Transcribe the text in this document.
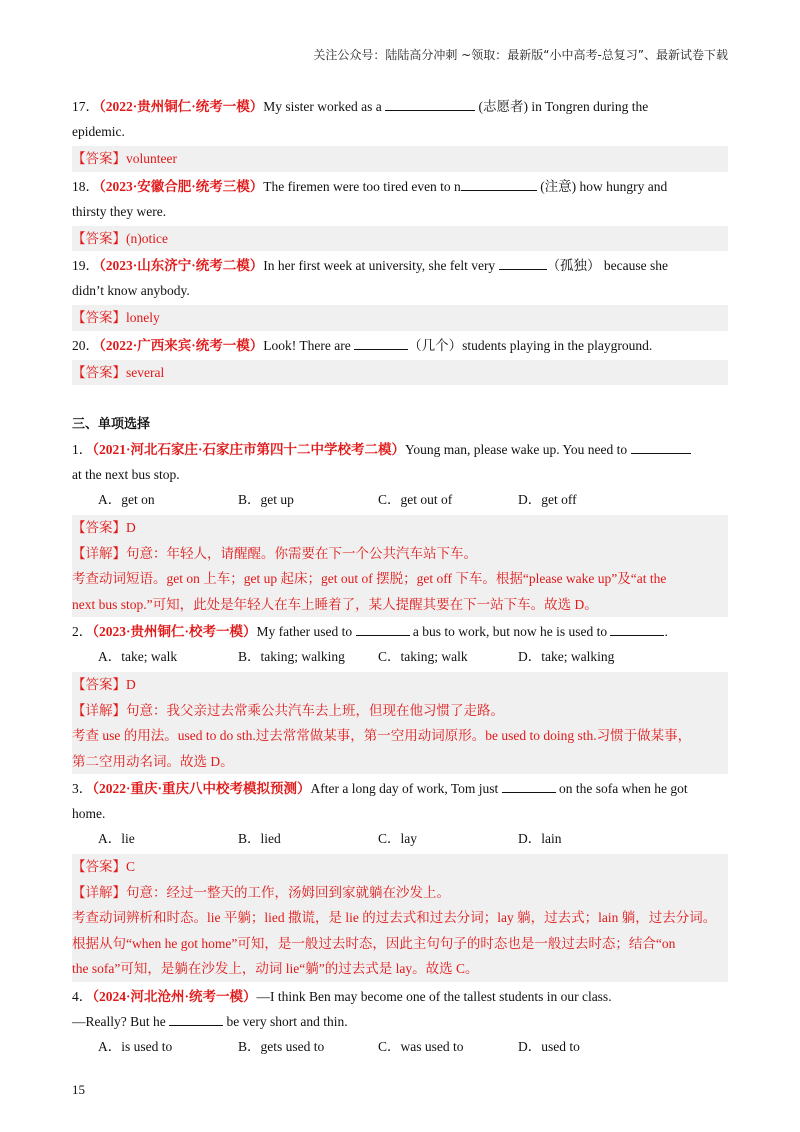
关注公众号：陆陆高分冲刺 ~领取：最新版“小中高考-总复习”、最新试卷下载
17．（2022·贵州铜仁·统考一模）My sister worked as a	(志愿者) in Tongren during the
epidemic.
【答案】volunteer
18．（2023·安徽合肥·统考三模）The firemen were too tired even to n	(注意) how hungry and
thirsty they were.
【答案】(n)otice
19．（2023·山东济宁·统考二模）In her first week at university, she felt very	（孤独） because she
didn’t know anybody.
【答案】lonely
20．（2022·广西来宾·统考一模）Look! There are	（几个）students playing in the playground.
【答案】several
三、单项选择
1．（2021·河北石家庄·石家庄市第四十二中学校考二模）Young man, please wake up. You need to
at the next bus stop.
A．get on	B．get up	C．get out of	D．get off
【答案】D
【详解】句意：年轻人，请醒醒。你需要在下一个公共汽车站下车。
考查动词短语。get on 上车；get up 起床；get out of 摆脱；get off 下车。根据“please wake up”及“at the
next bus stop.”可知，此处是年轻人在车上睡着了，某人提醒其要在下一站下车。故选 D。
2．（2023·贵州铜仁·校考一模）My father used to	a bus to work, but now he is used to	.
A．take; walk	B．taking; walking C．taking; walk	D．take; walking
【答案】D
【详解】句意：我父亲过去常乘公共汽车去上班，但现在他习惯了走路。
考查 use 的用法。used to do sth.过去常常做某事，第一空用动词原形。be used to doing sth.习惯于做某事，
第二空用动名词。故选 D。
3．（2022·重庆·重庆八中校考模拟预测）After a long day of work, Tom just	on the sofa when he got
home.
A．lie	B．lied	C．lay	D．lain
【答案】C
【详解】句意：经过一整天的工作，汤姆回到家就躺在沙发上。
考查动词辨析和时态。lie 平躺；lied 撒谎，是 lie 的过去式和过去分词；lay 躺，过去式；lain 躺，过去分词。
根据从句“when he got home”可知，是一般过去时态，因此主句句子的时态也是一般过去时态；结合“on
the sofa”可知，是躺在沙发上，动词 lie“躺”的过去式是 lay。故选 C。
4．（2024·河北沧州·统考一模）—I think Ben may become one of the tallest students in our class.
—Really? But he	be very short and thin.
A．is used to	B．gets used to	C．was used to	D．used to
15
